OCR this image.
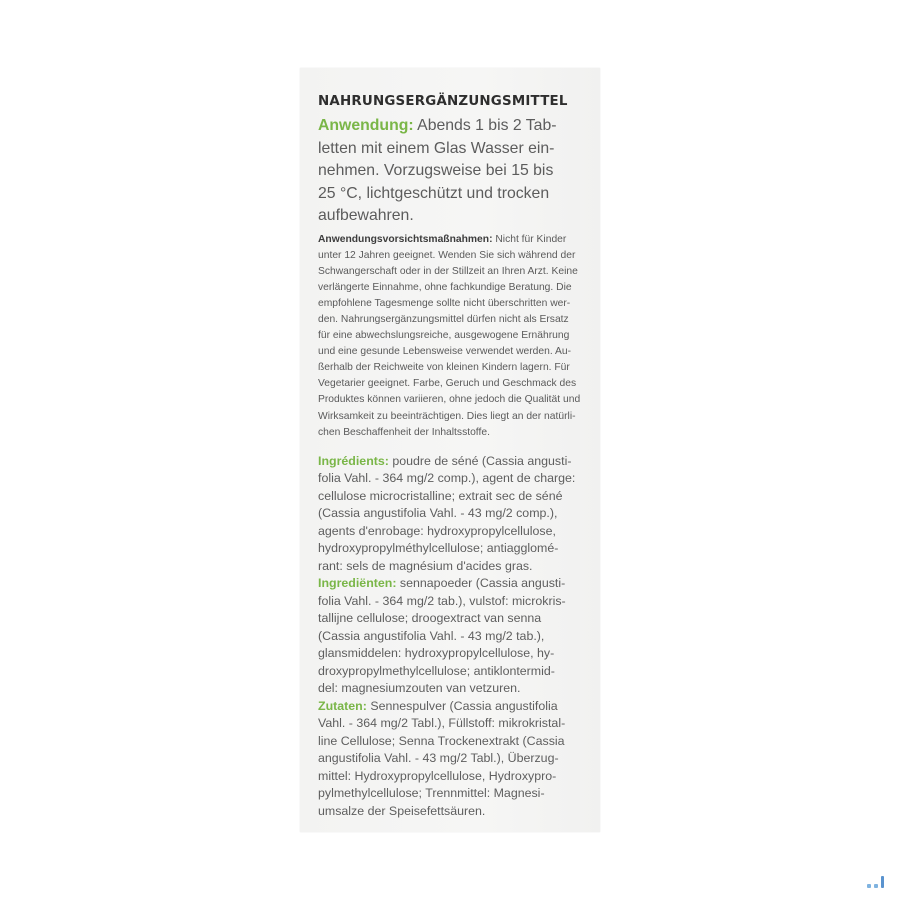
NAHRUNGSERGÄNZUNGSMITTEL
Anwendung: Abends 1 bis 2 Tab-
letten mit einem Glas Wasser ein-
nehmen. Vorzugsweise bei 15 bis
25 °C, lichtgeschützt und trocken
aufbewahren.
Anwendungsvorsichtsmaßnahmen: Nicht für Kinder
unter 12 Jahren geeignet. Wenden Sie sich während der
Schwangerschaft oder in der Stillzeit an Ihren Arzt. Keine
verlängerte Einnahme, ohne fachkundige Beratung. Die
empfohlene Tagesmenge sollte nicht überschritten wer-
den. Nahrungsergänzungsmittel dürfen nicht als Ersatz
für eine abwechslungsreiche, ausgewogene Ernährung
und eine gesunde Lebensweise verwendet werden. Au-
ßerhalb der Reichweite von kleinen Kindern lagern. Für
Vegetarier geeignet. Farbe, Geruch und Geschmack des
Produktes können variieren, ohne jedoch die Qualität und
Wirksamkeit zu beeinträchtigen. Dies liegt an der natürli-
chen Beschaffenheit der Inhaltsstoffe.
Ingrédients: poudre de séné (Cassia angusti-
folia Vahl. - 364 mg/2 comp.), agent de charge:
cellulose microcristalline; extrait sec de séné
(Cassia angustifolia Vahl. - 43 mg/2 comp.),
agents d'enrobage: hydroxypropylcellulose,
hydroxypropylméthylcellulose; antiagglomé-
rant: sels de magnésium d'acides gras.
Ingrediënten: sennapoeder (Cassia angusti-
folia Vahl. - 364 mg/2 tab.), vulstof: microkris-
tallijne cellulose; droogextract van senna
(Cassia angustifolia Vahl. - 43 mg/2 tab.),
glansmiddelen: hydroxypropylcellulose, hy-
droxypropylmethylcellulose; antiklontermid-
del: magnesiumzouten van vetzuren.
Zutaten: Sennespulver (Cassia angustifolia
Vahl. - 364 mg/2 Tabl.), Füllstoff: mikrokristal-
line Cellulose; Senna Trockenextrakt (Cassia
angustifolia Vahl. - 43 mg/2 Tabl.), Überzug-
mittel: Hydroxypropylcellulose, Hydroxypro-
pylmethylcellulose; Trennmittel: Magnesi-
umsalze der Speisefettsäuren.
